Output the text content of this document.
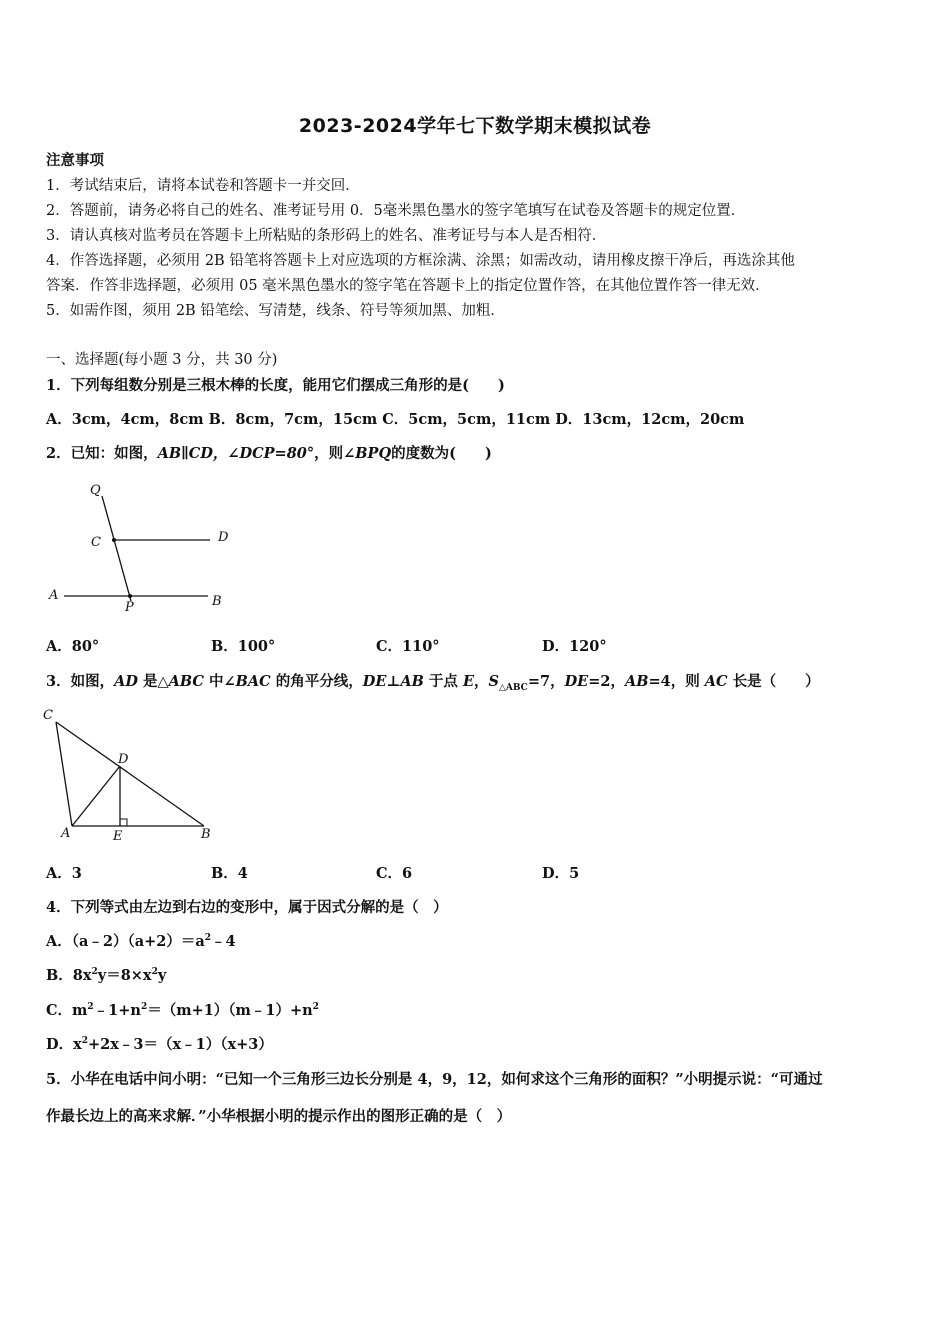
2023-2024学年七下数学期末模拟试卷
注意事项
1．考试结束后，请将本试卷和答题卡一并交回．
2．答题前，请务必将自己的姓名、准考证号用 0．5毫米黑色墨水的签字笔填写在试卷及答题卡的规定位置．
3．请认真核对监考员在答题卡上所粘贴的条形码上的姓名、准考证号与本人是否相符．
4．作答选择题，必须用 2B 铅笔将答题卡上对应选项的方框涂满、涂黑；如需改动，请用橡皮擦干净后，再选涂其他
答案．作答非选择题，必须用 05 毫米黑色墨水的签字笔在答题卡上的指定位置作答，在其他位置作答一律无效．
5．如需作图，须用 2B 铅笔绘、写清楚，线条、符号等须加黑、加粗．
一、选择题(每小题 3 分，共 30 分)
1．下列每组数分别是三根木棒的长度，能用它们摆成三角形的是(　　)
A．3cm，4cm，8cm B．8cm，7cm，15cm C．5cm，5cm，11cm D．13cm，12cm，20cm
2．已知：如图，AB∥CD，∠DCP=80°，则∠BPQ的度数为(　　)
Q
C	D
A
P	B
A．80°	B．100°	C．110°	D．120°
3．如图，AD 是△ABC 中∠BAC 的角平分线，DE⊥AB 于点 E，$S_{\triangle ABC}=7$，DE=2，AB=4，则 AC 长是（　　）
C
D
A	E	B
A．3	B．4	C．6	D．5
4．下列等式由左边到右边的变形中，属于因式分解的是（　）
A．$(a﹣2)(a+2)=a^2﹣4$
B．$8x^2y=8\times x^2y$
C．$m^2﹣1+n^2=(m+1)(m﹣1)+n^2$
D．$x^2+2x﹣3=(x﹣1)(x+3)$
5．小华在电话中问小明：“已知一个三角形三边长分别是 4，9，12，如何求这个三角形的面积？”小明提示说：“可通过
作最长边上的高来求解．”小华根据小明的提示作出的图形正确的是（　）
